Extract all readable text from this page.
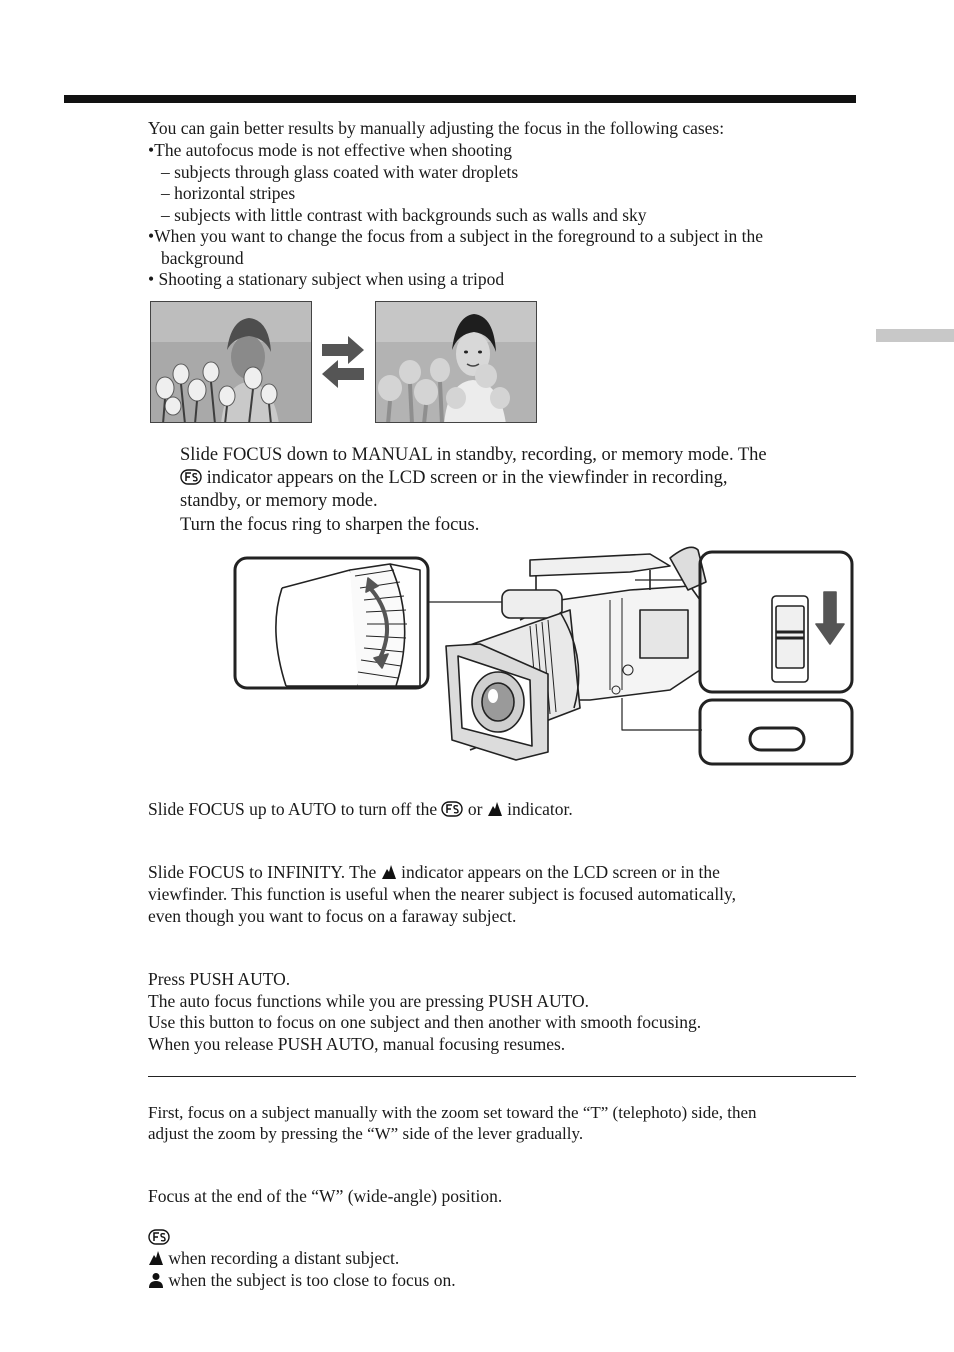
You can gain better results by manually adjusting the focus in the following cases:
•The autofocus mode is not effective when shooting
– subjects through glass coated with water droplets
– horizontal stripes
– subjects with little contrast with backgrounds such as walls and sky
•When you want to change the focus from a subject in the foreground to a subject in the
background
• Shooting a stationary subject when using a tripod
Slide FOCUS down to MANUAL in standby, recording, or memory mode. The
indicator appears on the LCD screen or in the viewfinder in recording,
standby, or memory mode.
Turn the focus ring to sharpen the focus.
Slide FOCUS up to AUTO to turn off the or indicator.
Slide FOCUS to INFINITY. The indicator appears on the LCD screen or in the
viewfinder. This function is useful when the nearer subject is focused automatically,
even though you want to focus on a faraway subject.
Press PUSH AUTO.
The auto focus functions while you are pressing PUSH AUTO.
Use this button to focus on one subject and then another with smooth focusing.
When you release PUSH AUTO, manual focusing resumes.
First, focus on a subject manually with the zoom set toward the “T” (telephoto) side, then
adjust the zoom by pressing the “W” side of the lever gradually.
Focus at the end of the “W” (wide-angle) position.
when recording a distant subject.
when the subject is too close to focus on.
